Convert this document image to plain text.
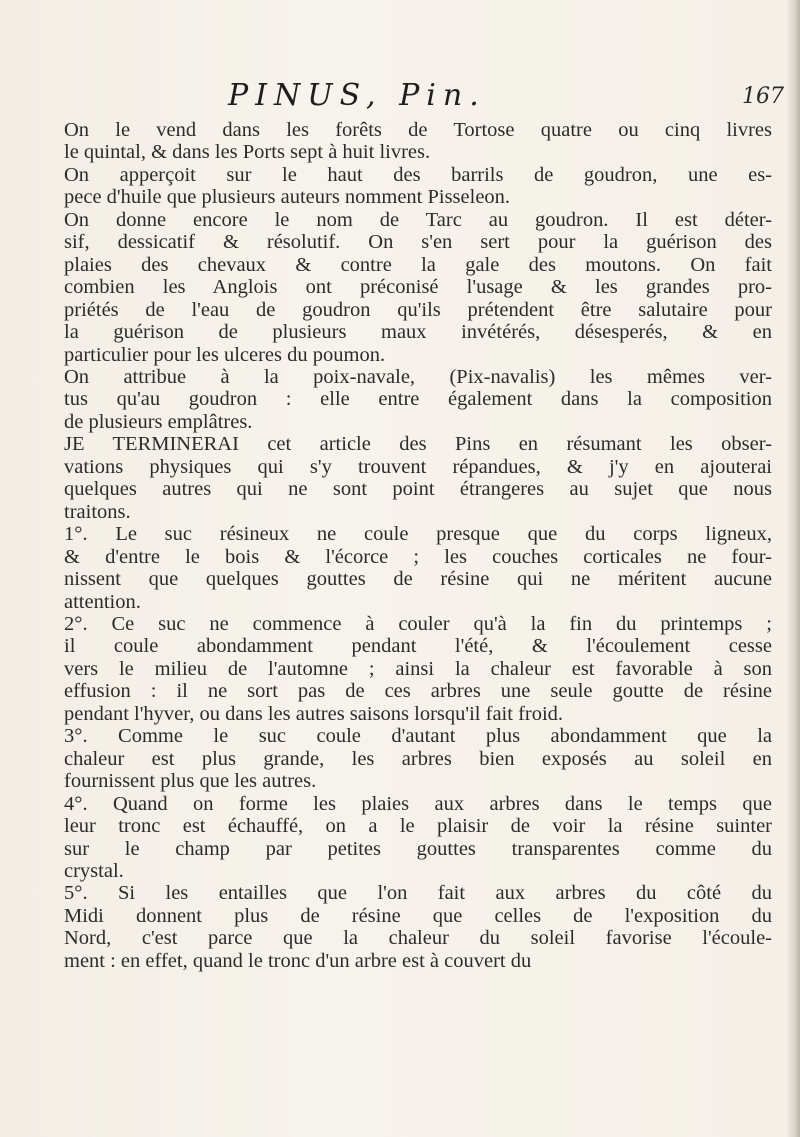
PINUS, Pin.	167
On le vend dans les forêts de Tortose quatre ou cinq livres
le quintal, & dans les Ports sept à huit livres.
On apperçoit sur le haut des barrils de goudron, une es-
pece d'huile que plusieurs auteurs nomment Pisseleon.
On donne encore le nom de Tarc au goudron. Il est déter-
sif, dessicatif & résolutif. On s'en sert pour la guérison des
plaies des chevaux & contre la gale des moutons. On fait
combien les Anglois ont préconisé l'usage & les grandes pro-
priétés de l'eau de goudron qu'ils prétendent être salutaire pour
la guérison de plusieurs maux invétérés, désesperés, & en
particulier pour les ulceres du poumon.
On attribue à la poix-navale, (Pix-navalis) les mêmes ver-
tus qu'au goudron : elle entre également dans la composition
de plusieurs emplâtres.
JE TERMINERAI cet article des Pins en résumant les obser-
vations physiques qui s'y trouvent répandues, & j'y en ajouterai
quelques autres qui ne sont point étrangeres au sujet que nous
traitons.
1°. Le suc résineux ne coule presque que du corps ligneux,
& d'entre le bois & l'écorce ; les couches corticales ne four-
nissent que quelques gouttes de résine qui ne méritent aucune
attention.
2°. Ce suc ne commence à couler qu'à la fin du printemps ;
il coule abondamment pendant l'été, & l'écoulement cesse
vers le milieu de l'automne ; ainsi la chaleur est favorable à son
effusion : il ne sort pas de ces arbres une seule goutte de résine
pendant l'hyver, ou dans les autres saisons lorsqu'il fait froid.
3°. Comme le suc coule d'autant plus abondamment que la
chaleur est plus grande, les arbres bien exposés au soleil en
fournissent plus que les autres.
4°. Quand on forme les plaies aux arbres dans le temps que
leur tronc est échauffé, on a le plaisir de voir la résine suinter
sur le champ par petites gouttes transparentes comme du
crystal.
5°. Si les entailles que l'on fait aux arbres du côté du
Midi donnent plus de résine que celles de l'exposition du
Nord, c'est parce que la chaleur du soleil favorise l'écoule-
ment : en effet, quand le tronc d'un arbre est à couvert du
